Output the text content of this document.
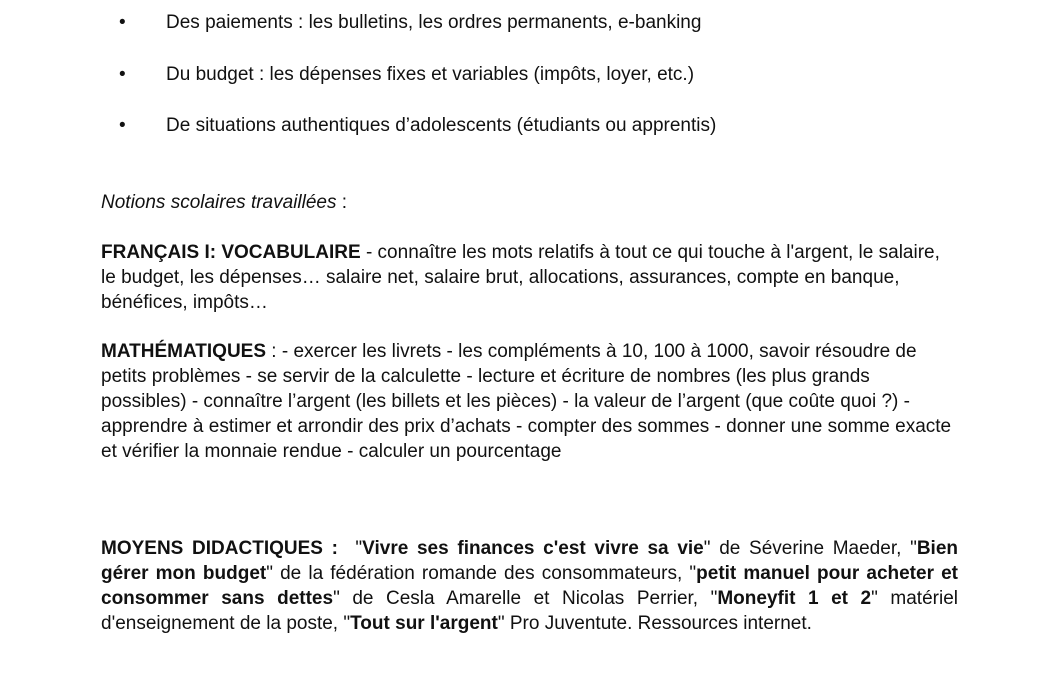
• Des paiements : les bulletins, les ordres permanents, e-banking
• Du budget : les dépenses fixes et variables (impôts, loyer, etc.)
• De situations authentiques d’adolescents (étudiants ou apprentis)
Notions scolaires travaillées :
FRANÇAIS I: VOCABULAIRE - connaître les mots relatifs à tout ce qui touche à l'argent, le salaire, le budget, les dépenses… salaire net, salaire brut, allocations, assurances, compte en banque, bénéfices, impôts…
MATHÉMATIQUES : - exercer les livrets - les compléments à 10, 100 à 1000, savoir résoudre de petits problèmes - se servir de la calculette - lecture et écriture de nombres (les plus grands possibles) - connaître l’argent (les billets et les pièces) - la valeur de l’argent (que coûte quoi ?) - apprendre à estimer et arrondir des prix d’achats - compter des sommes - donner une somme exacte et vérifier la monnaie rendue - calculer un pourcentage
MOYENS DIDACTIQUES :  "Vivre ses finances c'est vivre sa vie" de Séverine Maeder, "Bien gérer mon budget" de la fédération romande des consommateurs, "petit manuel pour acheter et consommer sans dettes" de Cesla Amarelle et Nicolas Perrier, "Moneyfit 1 et 2" matériel d'enseignement de la poste, "Tout sur l'argent" Pro Juventute. Ressources internet.
